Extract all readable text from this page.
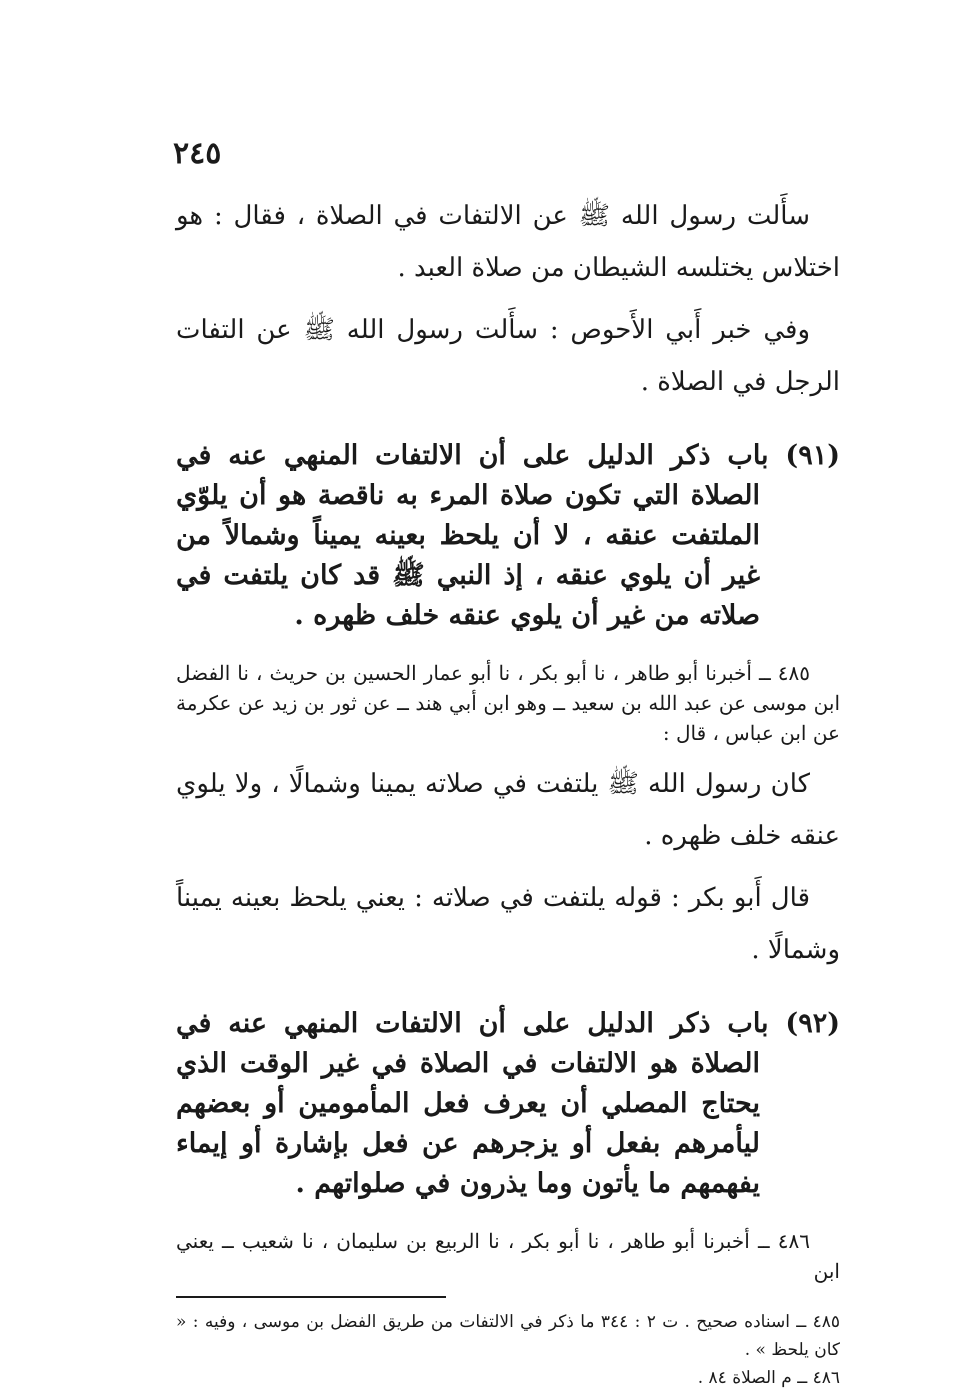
٢٤٥

سأَلت رسول الله ﷺ عن الالتفات في الصلاة ، فقال : هو اختلاس يختلسه الشيطان من صلاة العبد .

وفي خبر أَبي الأَحوص : سأَلت رسول الله ﷺ عن التفات الرجل في الصلاة .

(٩١) باب ذكر الدليل على أن الالتفات المنهي عنه في الصلاة التي تكون صلاة المرء به ناقصة هو أن يلوّي الملتفت عنقه ، لا أن يلحظ بعينه يميناً وشمالاً من غير أن يلوي عنقه ، إذ النبي ﷺ قد كان يلتفت في صلاته من غير أن يلوي عنقه خلف ظهره .

٤٨٥ ــ أخبرنا أبو طاهر ، نا أبو بكر ، نا أبو عمار الحسين بن حريث ، نا الفضل ابن موسى عن عبد الله بن سعيد ــ وهو ابن أبي هند ــ عن ثور بن زيد عن عكرمة عن ابن عباس ، قال :

كان رسول الله ﷺ يلتفت في صلاته يمينا وشمالًا ، ولا يلوي عنقه خلف ظهره .

قال أَبو بكر : قوله يلتفت في صلاته : يعني يلحظ بعينه يميناً وشمالًا .

(٩٢) باب ذكر الدليل على أن الالتفات المنهي عنه في الصلاة هو الالتفات في الصلاة في غير الوقت الذي يحتاج المصلي أن يعرف فعل المأمومين أو بعضهم ليأمرهم بفعل أو يزجرهم عن فعل بإشارة أو إيماء يفهمهم ما يأتون وما يذرون في صلواتهم .

٤٨٦ ــ أخبرنا أبو طاهر ، نا أبو بكر ، نا الربيع بن سليمان ، نا شعيب ــ يعني ابن

٤٨٥ ــ اسناده صحيح . ت ٢ : ٣٤٤ ما ذكر في الالتفات من طريق الفضل بن موسى ، وفيه : « كان يلحظ » .

٤٨٦ ــ م الصلاة ٨٤ .
